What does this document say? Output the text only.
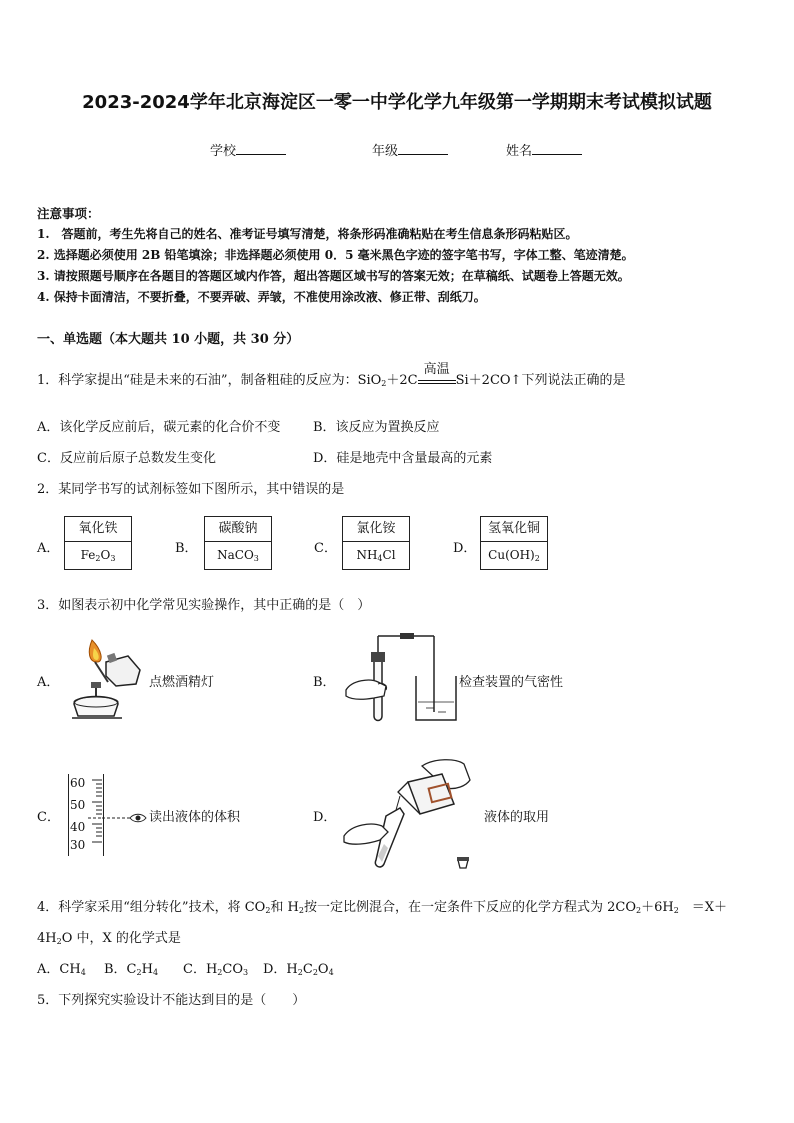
2023-2024学年北京海淀区一零一中学化学九年级第一学期期末考试模拟试题
学校	年级	姓名
注意事项：
1.　答题前，考生先将自己的姓名、准考证号填写清楚，将条形码准确粘贴在考生信息条形码粘贴区。
2. 选择题必须使用 2B 铅笔填涂；非选择题必须使用 0．5 毫米黑色字迹的签字笔书写，字体工整、笔迹清楚。
3. 请按照题号顺序在各题目的答题区域内作答，超出答题区域书写的答案无效；在草稿纸、试题卷上答题无效。
4. 保持卡面清洁，不要折叠，不要弄破、弄皱，不准使用涂改液、修正带、刮纸刀。
一、单选题（本大题共 10 小题，共 30 分）
1．科学家提出“硅是未来的石油”，制备粗硅的反应为：SiO$_2$＋2C
高温
Si＋2CO↑下列说法正确的是
A．该化学反应前后，碳元素的化合价不变	B．该反应为置换反应
C．反应前后原子总数发生变化	D．硅是地壳中含量最高的元素
2．某同学书写的试剂标签如下图所示，其中错误的是
A．
氧化铁
$Fe_2O_3$
B．
碳酸钠
NaCO$_3$
C．
氯化铵
$NH_4Cl$	D．
氢氧化铜
$Cu(OH)_2$
3．如图表示初中化学常见实验操作，其中正确的是（　）
A．	点燃酒精灯	B．	检查装置的气密性
C．
60
50
40
30
读出液体的体积	D．	液体的取用
4．科学家采用“组分转化”技术，将 $CO_2$和 $H_2$按一定比例混合，在一定条件下反应的化学方程式为 $2CO_2+6H_2$　＝X＋
$4H_2O$ 中，X 的化学式是
A．$CH_4$ B．$C_2H_4$ C．$H_2CO_3$ D．$H_2C_2O_4$
5．下列探究实验设计不能达到目的是（　　）
